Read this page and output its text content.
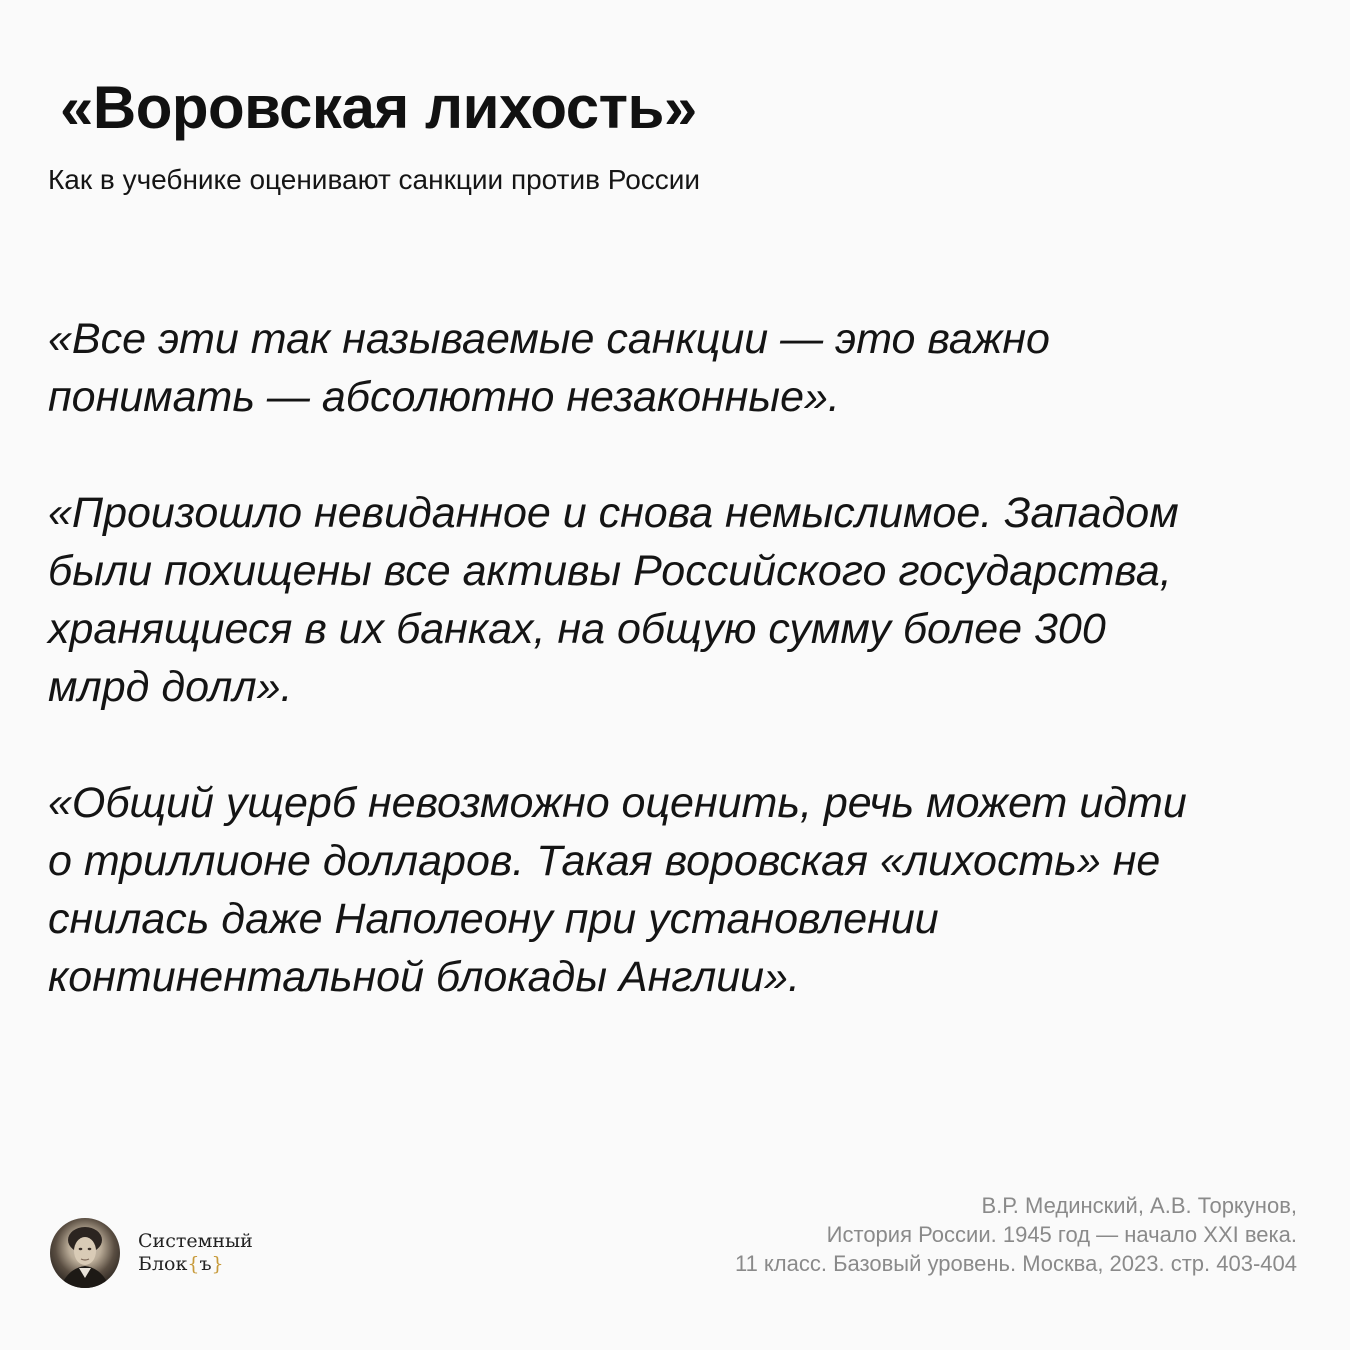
«Воровская лихость»

Как в учебнике оценивают санкции против России

«Все эти так называемые санкции — это важно
понимать — абсолютно незаконные».

«Произошло невиданное и снова немыслимое. Западом
были похищены все активы Российского государства,
хранящиеся в их банках, на общую сумму более 300
млрд долл».

«Общий ущерб невозможно оценить, речь может идти
о триллионе долларов. Такая воровская «лихость» не
снилась даже Наполеону при установлении
континентальной блокады Англии».

Системный
Блок{ъ}
В.Р. Мединский, А.В. Торкунов,
История России. 1945 год — начало XXI века.
11 класс. Базовый уровень. Москва, 2023. стр. 403-404
